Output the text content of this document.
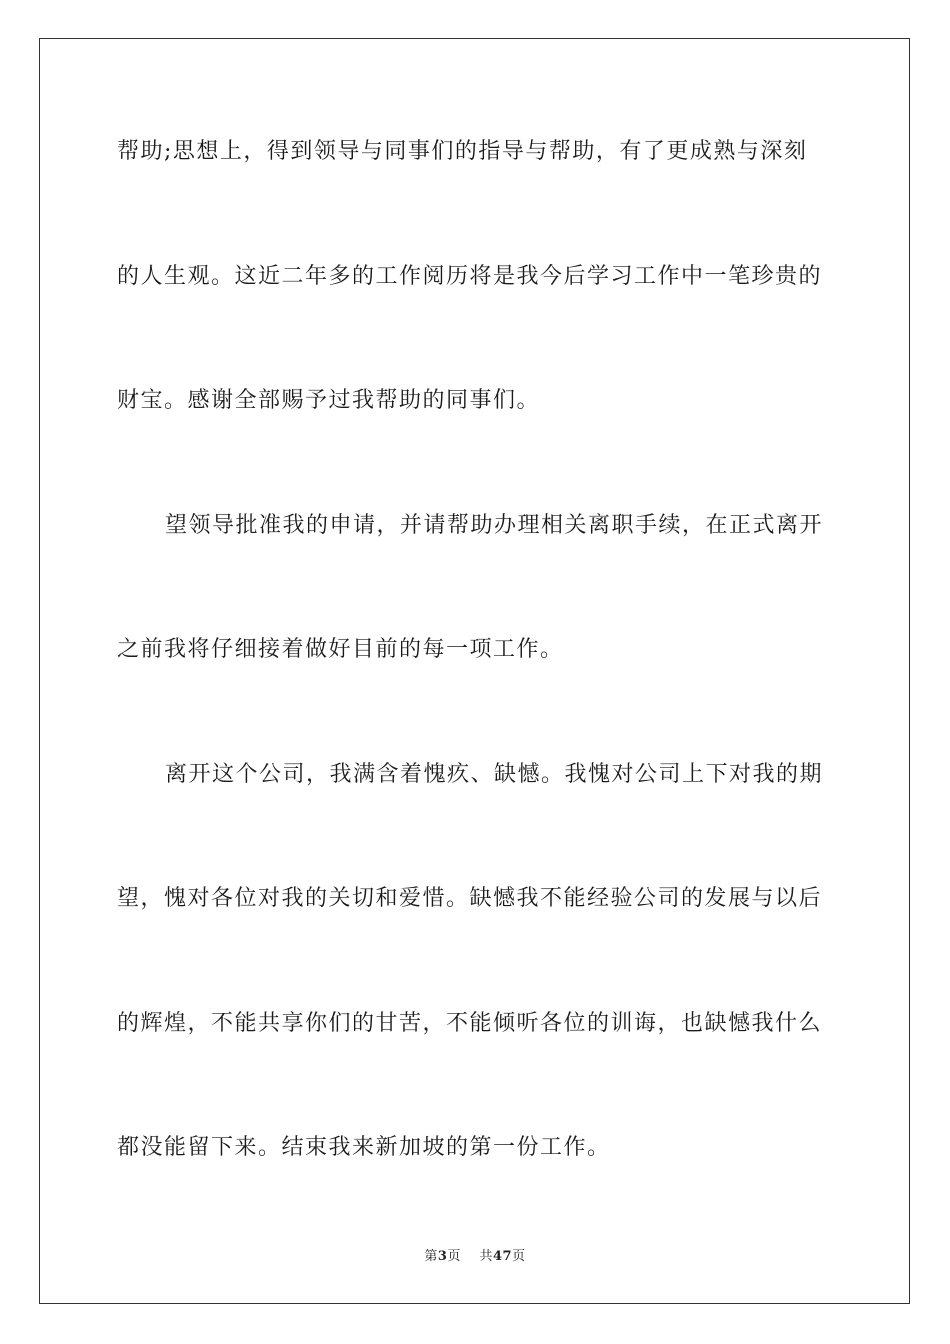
帮助;思想上，得到领导与同事们的指导与帮助，有了更成熟与深刻
的人生观。这近二年多的工作阅历将是我今后学习工作中一笔珍贵的
财宝。感谢全部赐予过我帮助的同事们。
望领导批准我的申请，并请帮助办理相关离职手续，在正式离开
之前我将仔细接着做好目前的每一项工作。
离开这个公司，我满含着愧疚、缺憾。我愧对公司上下对我的期
望，愧对各位对我的关切和爱惜。缺憾我不能经验公司的发展与以后
的辉煌，不能共享你们的甘苦，不能倾听各位的训诲，也缺憾我什么
都没能留下来。结束我来新加坡的第一份工作。
第3页 共47页
